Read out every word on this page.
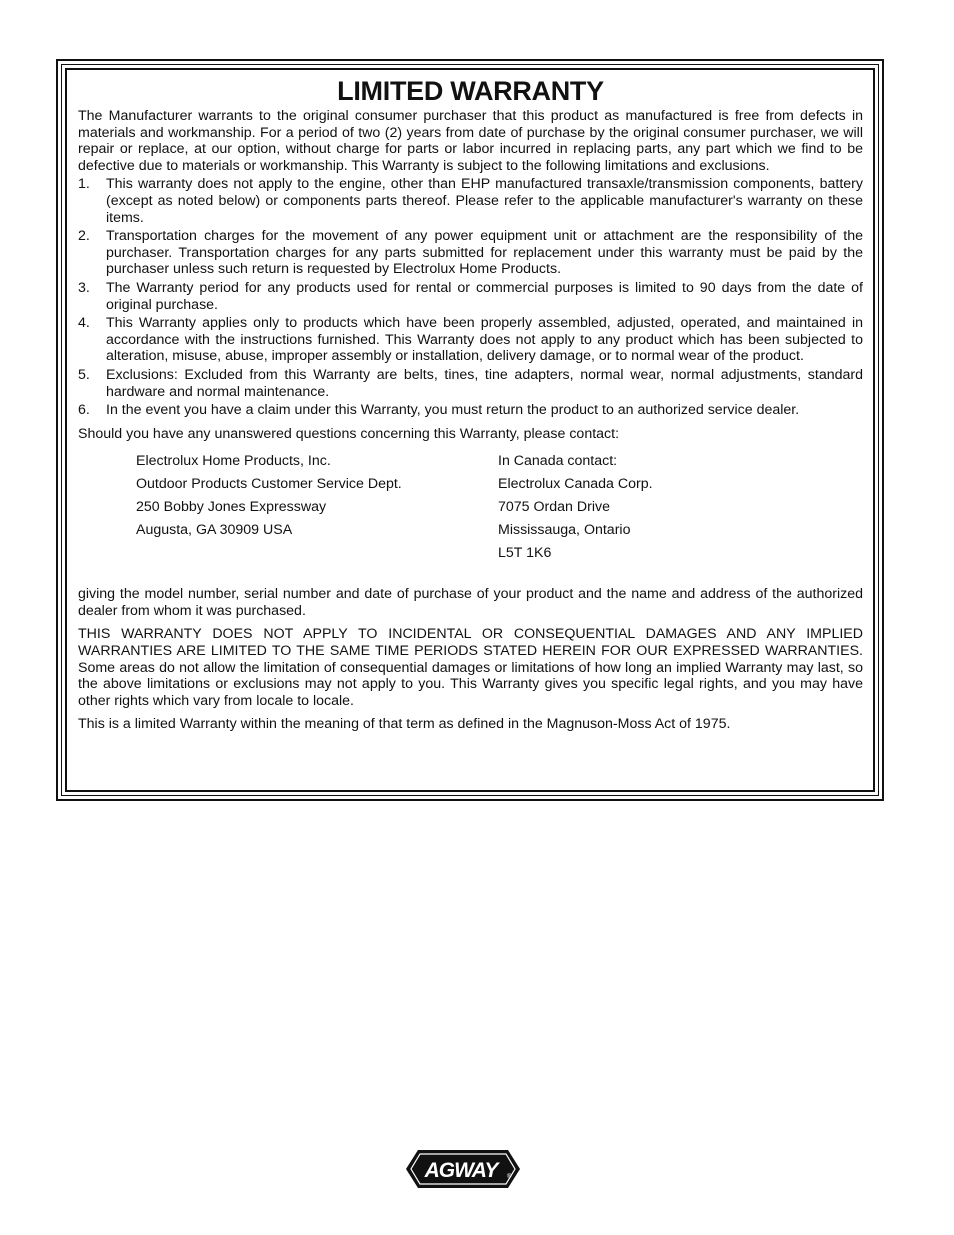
LIMITED WARRANTY

The Manufacturer warrants to the original consumer purchaser that this product as manufactured is free from defects in materials and workmanship. For a period of two (2) years from date of purchase by the original consumer purchaser, we will repair or replace, at our option, without charge for parts or labor incurred in replacing parts, any part which we find to be defective due to materials or workmanship. This Warranty is subject to the following limitations and exclusions.

1. This warranty does not apply to the engine, other than EHP manufactured transaxle/transmission components, battery (except as noted below) or components parts thereof. Please refer to the applicable manufacturer's warranty on these items.
2. Transportation charges for the movement of any power equipment unit or attachment are the responsibility of the purchaser. Transportation charges for any parts submitted for replacement under this warranty must be paid by the purchaser unless such return is requested by Electrolux Home Products.
3. The Warranty period for any products used for rental or commercial purposes is limited to 90 days from the date of original purchase.
4. This Warranty applies only to products which have been properly assembled, adjusted, operated, and maintained in accordance with the instructions furnished. This Warranty does not apply to any product which has been subjected to alteration, misuse, abuse, improper assembly or installation, delivery damage, or to normal wear of the product.
5. Exclusions: Excluded from this Warranty are belts, tines, tine adapters, normal wear, normal adjustments, standard hardware and normal maintenance.
6. In the event you have a claim under this Warranty, you must return the product to an authorized service dealer.

Should you have any unanswered questions concerning this Warranty, please contact:

Electrolux Home Products, Inc.
Outdoor Products Customer Service Dept.
250 Bobby Jones Expressway
Augusta, GA 30909 USA
In Canada contact:
Electrolux Canada Corp.
7075 Ordan Drive
Mississauga, Ontario
L5T 1K6

giving the model number, serial number and date of purchase of your product and the name and address of the authorized dealer from whom it was purchased.

THIS WARRANTY DOES NOT APPLY TO INCIDENTAL OR CONSEQUENTIAL DAMAGES AND ANY IMPLIED WARRANTIES ARE LIMITED TO THE SAME TIME PERIODS STATED HEREIN FOR OUR EXPRESSED WARRANTIES. Some areas do not allow the limitation of consequential damages or limitations of how long an implied Warranty may last, so the above limitations or exclusions may not apply to you. This Warranty gives you specific legal rights, and you may have other rights which vary from locale to locale.

This is a limited Warranty within the meaning of that term as defined in the Magnuson-Moss Act of 1975.

AGWAY	®
